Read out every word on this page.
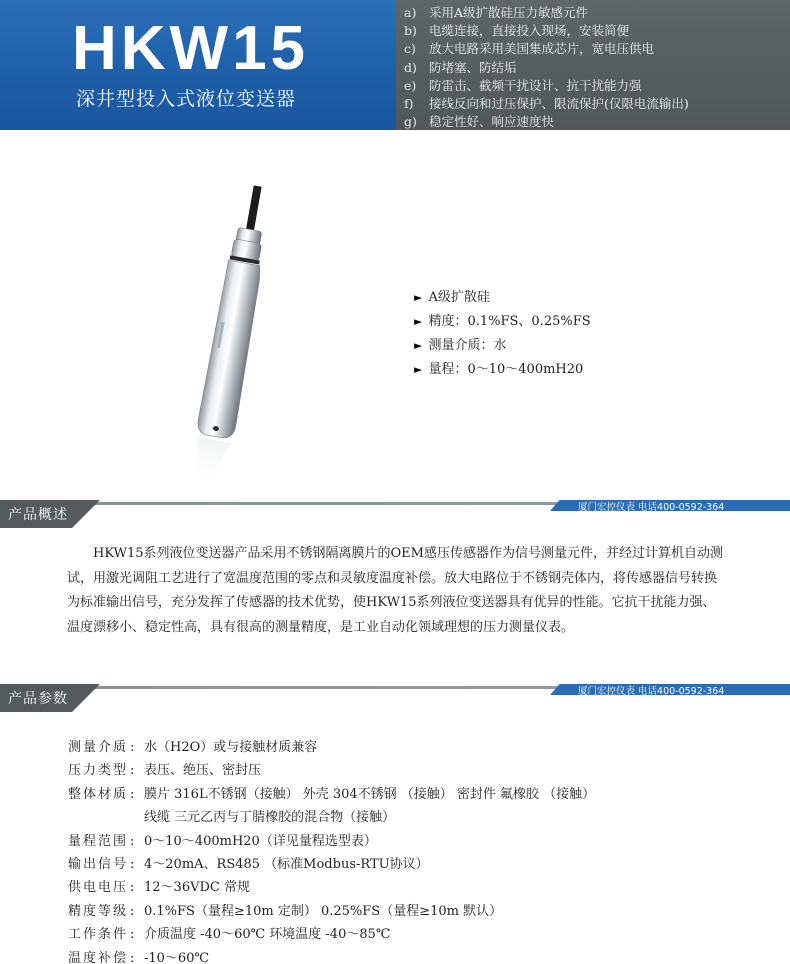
HKW15
深井型投入式液位变送器
a) 采用A级扩散硅压力敏感元件
b) 电缆连接，直接投入现场，安装简便
c) 放大电路采用美国集成芯片，宽电压供电
d) 防堵塞、防结垢
e) 防雷击、截频干扰设计、抗干扰能力强
f) 接线反向和过压保护、限流保护(仅限电流输出)
g) 稳定性好、响应速度快
► A级扩散硅
► 精度：0.1%FS、0.25%FS
► 测量介质：水
► 量程：0～10～400mH20
产品概述	厦门宏控仪表 电话400-0592-364
HKW15系列液位变送器产品采用不锈钢隔离膜片的OEM感压传感器作为信号测量元件，并经过计算机自动测试，用激光调阻工艺进行了宽温度范围的零点和灵敏度温度补偿。放大电路位于不锈钢壳体内，将传感器信号转换为标准输出信号，充分发挥了传感器的技术优势，使HKW15系列液位变送器具有优异的性能。它抗干扰能力强、温度漂移小、稳定性高，具有很高的测量精度，是工业自动化领域理想的压力测量仪表。
产品参数	厦门宏控仪表 电话400-0592-364
测量介质 : 水（H2O）或与接触材质兼容
压力类型 : 表压、绝压、密封压
整体材质 : 膜片 316L不锈钢（接触） 外壳 304不锈钢 （接触） 密封件 氟橡胶 （接触）
线缆 三元乙丙与丁腈橡胶的混合物（接触）
量程范围 : 0～10～400mH20（详见量程选型表）
输出信号 : 4～20mA、RS485 （标准Modbus-RTU协议）
供电电压 : 12～36VDC 常规
精度等级 : 0.1%FS（量程≥10m 定制） 0.25%FS（量程≥10m 默认）
工作条件 : 介质温度 -40～60℃ 环境温度 -40～85℃
温度补偿 : -10～60℃
